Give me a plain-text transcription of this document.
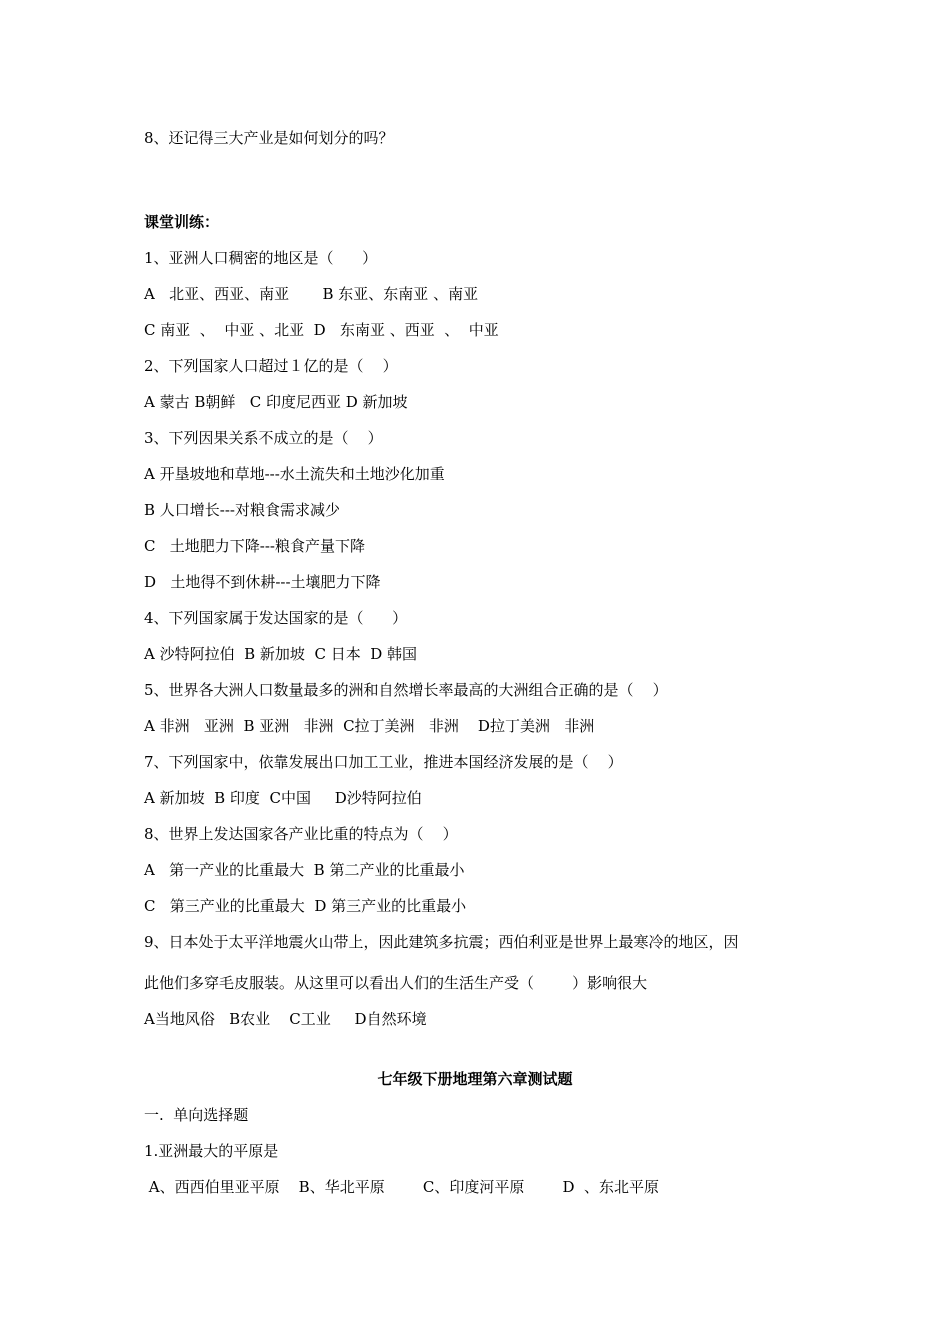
8、还记得三大产业是如何划分的吗？
课堂训练：
1、亚洲人口稠密的地区是（      ）
A   北亚、西亚、南亚       B 东亚、东南亚 、南亚
C 南亚  、  中亚 、北亚  D   东南亚 、西亚  、  中亚
2、下列国家人口超过１亿的是（    ）
A 蒙古 B朝鲜   C 印度尼西亚 D 新加坡
3、下列因果关系不成立的是（    ）
A 开垦坡地和草地---水土流失和土地沙化加重
B 人口增长---对粮食需求减少
C   土地肥力下降---粮食产量下降
D   土地得不到休耕---土壤肥力下降
4、下列国家属于发达国家的是（      ）
A 沙特阿拉伯  B 新加坡  C 日本  D 韩国
5、世界各大洲人口数量最多的洲和自然增长率最高的大洲组合正确的是（    ）
A 非洲   亚洲  B 亚洲   非洲  C拉丁美洲   非洲    D拉丁美洲   非洲
7、下列国家中，依靠发展出口加工工业，推进本国经济发展的是（    ）
A 新加坡  B 印度  C中国     D沙特阿拉伯
8、世界上发达国家各产业比重的特点为（    ）
A   第一产业的比重最大  B 第二产业的比重最小
C   第三产业的比重最大  D 第三产业的比重最小
9、日本处于太平洋地震火山带上，因此建筑多抗震；西伯利亚是世界上最寒冷的地区，因
此他们多穿毛皮服装。从这里可以看出人们的生活生产受（        ）影响很大
A当地风俗   B农业    C工业     D自然环境
七年级下册地理第六章测试题
一.  单向选择题
1.亚洲最大的平原是
A、西西伯里亚平原    B、华北平原        C、印度河平原        D  、东北平原
